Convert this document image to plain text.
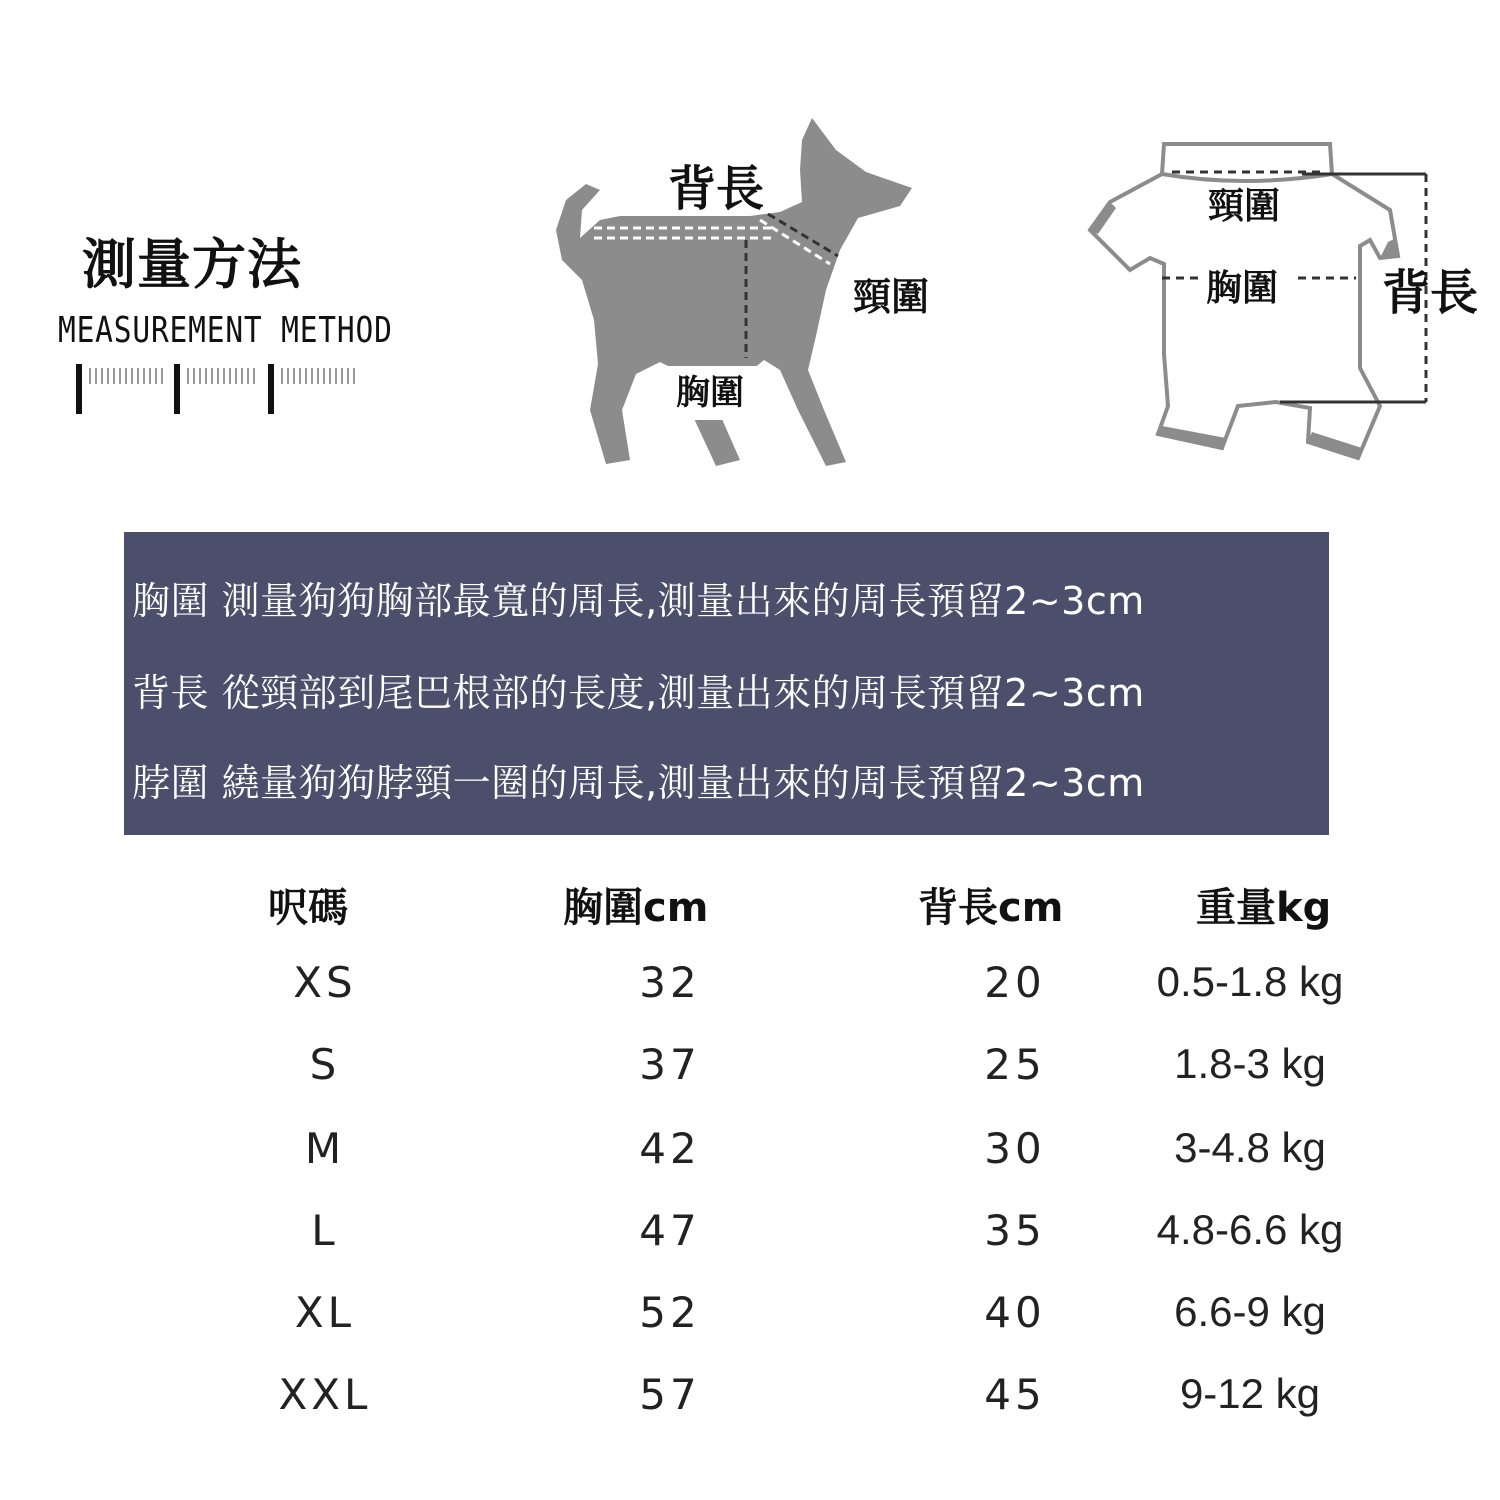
測量方法
MEASUREMENT METHOD
背長
頸圍
胸圍
頸圍
胸圍 背長
胸圍 測量狗狗胸部最寬的周長,測量出來的周長預留2~3cm
背長 從頸部到尾巴根部的長度,測量出來的周長預留2~3cm
脖圍 繞量狗狗脖頸一圈的周長,測量出來的周長預留2~3cm
呎碼	胸圍cm	背長cm	重量kg
XS	32	20	0.5-1.8 kg
S	37	25	1.8-3 kg
M	42	30	3-4.8 kg
L	47	35	4.8-6.6 kg
XL	52	40	6.6-9 kg
XXL	57	45	9-12 kg
